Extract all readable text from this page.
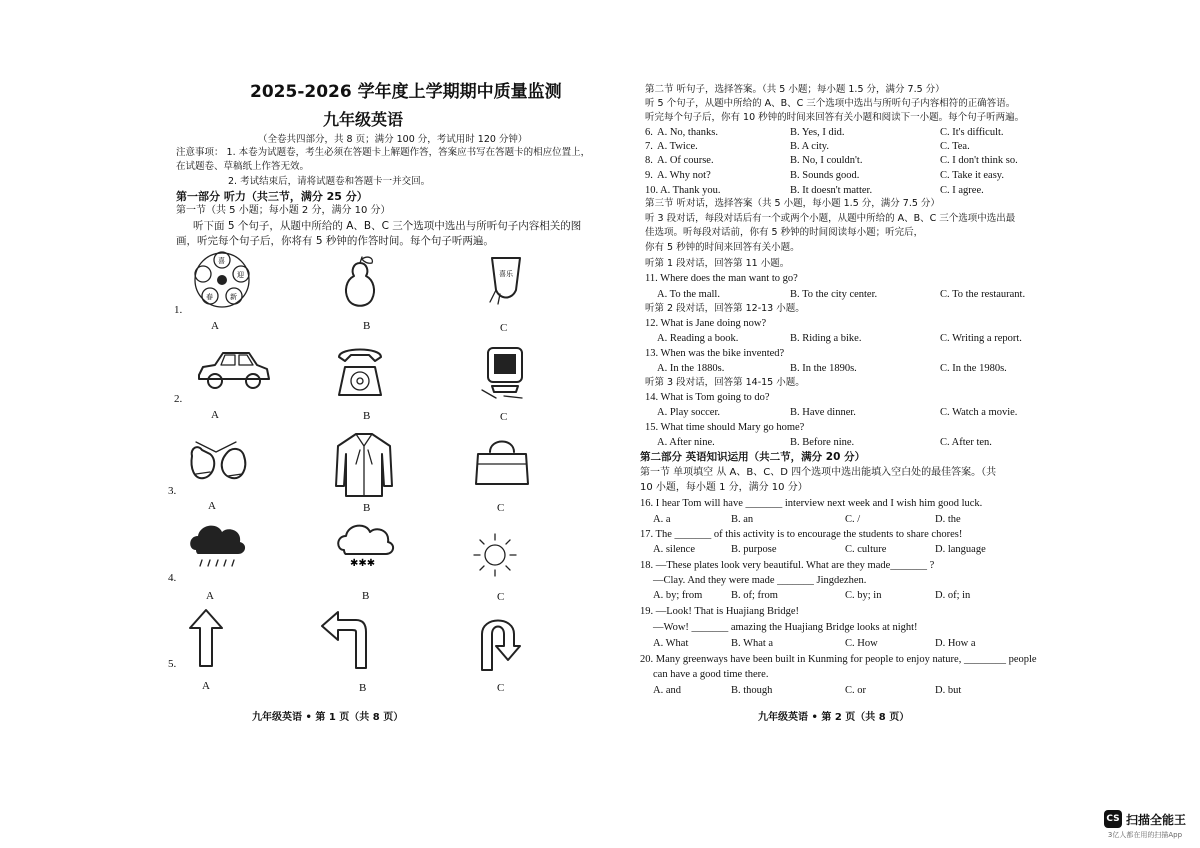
2025-2026 学年度上学期期中质量监测
九年级英语
（全卷共四部分，共 8 页；满分 100 分，考试用时 120 分钟）
注意事项： 1. 本卷为试题卷，考生必须在答题卡上解题作答，答案应书写在答题卡的相应位置上，
在试题卷、草稿纸上作答无效。
2. 考试结束后，请将试题卷和答题卡一并交回。
第一部分 听力（共三节，满分 25 分）
第一节（共 5 小题；每小题 2 分，满分 10 分）
听下面 5 个句子，从题中所给的 A、B、C 三个选项中选出与所听句子内容相关的图
画，听完每个句子后，你将有 5 秒钟的作答时间。每个句子听两遍。
1.
喜
迎
新
春
A	B
喜乐
C
2.
A	B	C
3.
A	B	C
4.
A
✱✱✱
B	C
5.
A	B	C
九年级英语 • 第 1 页（共 8 页）
第二节 听句子，选择答案。（共 5 小题；每小题 1.5 分，满分 7.5 分）
听 5 个句子，从题中所给的 A、B、C 三个选项中选出与所听句子内容相符的正确答语。
听完每个句子后，你有 10 秒钟的时间来回答有关小题和阅读下一小题。每个句子听两遍。
6. A. No, thanks.	B. Yes, I did.	C. It's difficult.
7. A. Twice.	B. A city.	C. Tea.
8. A. Of course.	B. No, I couldn't.	C. I don't think so.
9. A. Why not?	B. Sounds good.	C. Take it easy.
10. A. Thank you.	B. It doesn't matter.	C. I agree.
第三节 听对话，选择答案（共 5 小题，每小题 1.5 分，满分 7.5 分）
听 3 段对话，每段对话后有一个或两个小题，从题中所给的 A、B、C 三个选项中选出最
佳选项。听每段对话前，你有 5 秒钟的时间阅读每小题；听完后，
你有 5 秒钟的时间来回答有关小题。
听第 1 段对话，回答第 11 小题。
11. Where does the man want to go?
A. To the mall.	B. To the city center.	C. To the restaurant.
听第 2 段对话，回答第 12-13 小题。
12. What is Jane doing now?
A. Reading a book.	B. Riding a bike.	C. Writing a report.
13. When was the bike invented?
A. In the 1880s.	B. In the 1890s.	C. In the 1980s.
听第 3 段对话，回答第 14-15 小题。
14. What is Tom going to do?
A. Play soccer.	B. Have dinner.	C. Watch a movie.
15. What time should Mary go home?
A. After nine.	B. Before nine.	C. After ten.
第二部分 英语知识运用（共二节，满分 20 分）
第一节 单项填空 从 A、B、C、D 四个选项中选出能填入空白处的最佳答案。（共
10 小题，每小题 1 分，满分 10 分）
16. I hear Tom will have _______ interview next week and I wish him good luck.
A. a	B. an	C. /	D. the
17. The _______ of this activity is to encourage the students to share chores!
A. silence	B. purpose	C. culture	D. language
18. —These plates look very beautiful. What are they made_______ ?
—Clay. And they were made _______ Jingdezhen.
A. by; from	B. of; from	C. by; in	D. of; in
19. —Look! That is Huajiang Bridge!
—Wow! _______ amazing the Huajiang Bridge looks at night!
A. What	B. What a	C. How	D. How a
20. Many greenways have been built in Kunming for people to enjoy nature, ________ people
can have a good time there.
A. and	B. though	C. or	D. but
九年级英语 • 第 2 页（共 8 页）
CS 扫描全能王
3亿人都在用的扫描App
